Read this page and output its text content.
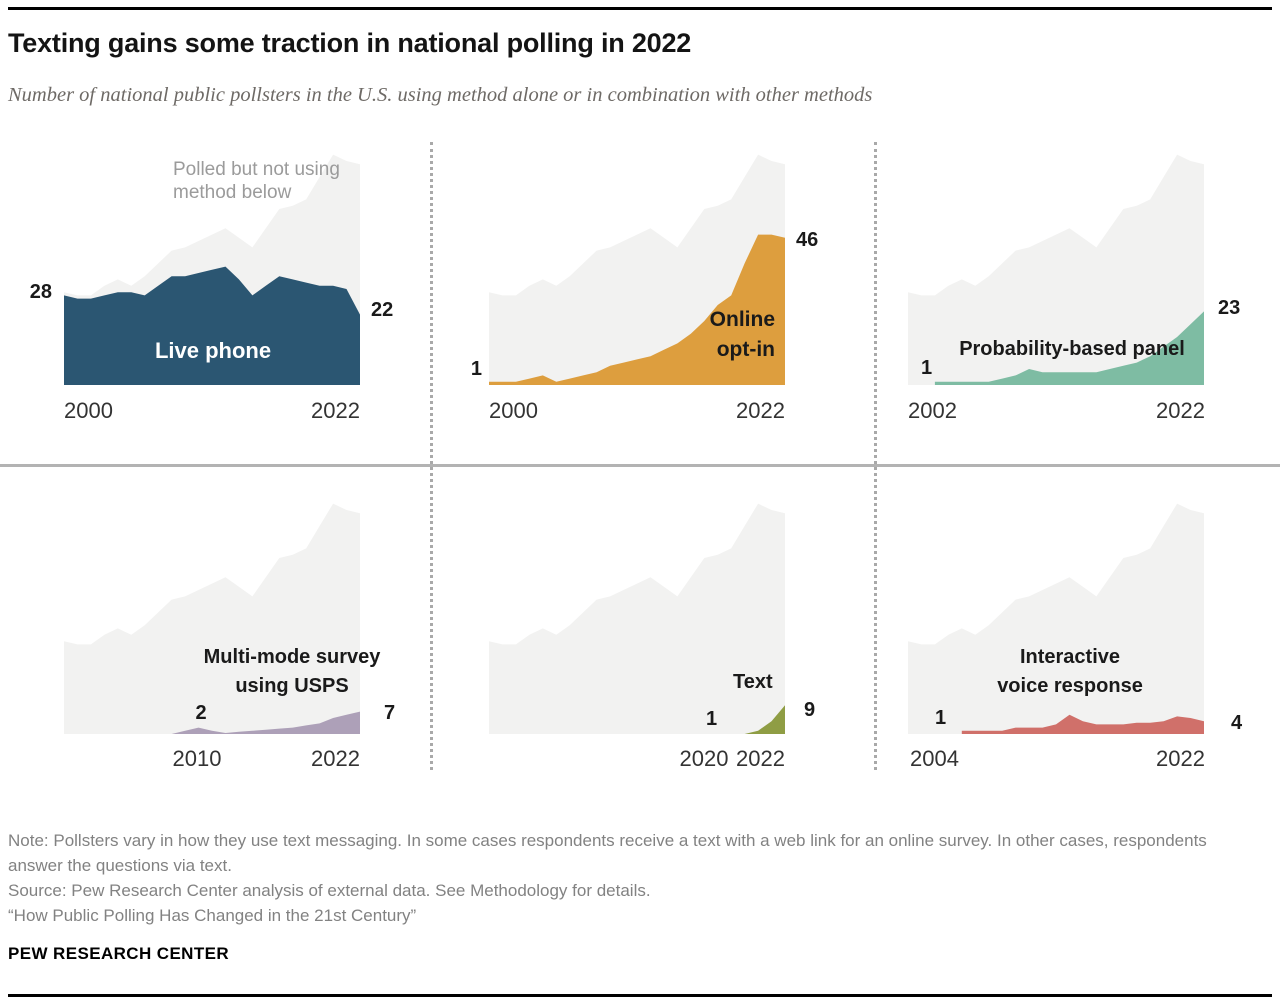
Texting gains some traction in national polling in 2022
Number of national public pollsters in the U.S. using method alone or in combination with other methods
Polled but not using method below
28
22
1
46
1
23
2	7	1	9	1	4
Live phone
Online
opt-in	Probability-based panel
Multi-mode survey
using USPS	Text
Interactive
voice response
2000	2022	2000	2022	2002	2022
2010	2022	2020 2022	2004	2022

Note: Pollsters vary in how they use text messaging. In some cases respondents receive a text with a web link for an online survey. In other cases, respondents answer the questions via text.

Source: Pew Research Center analysis of external data. See Methodology for details.

“How Public Polling Has Changed in the 21st Century”

PEW RESEARCH CENTER
